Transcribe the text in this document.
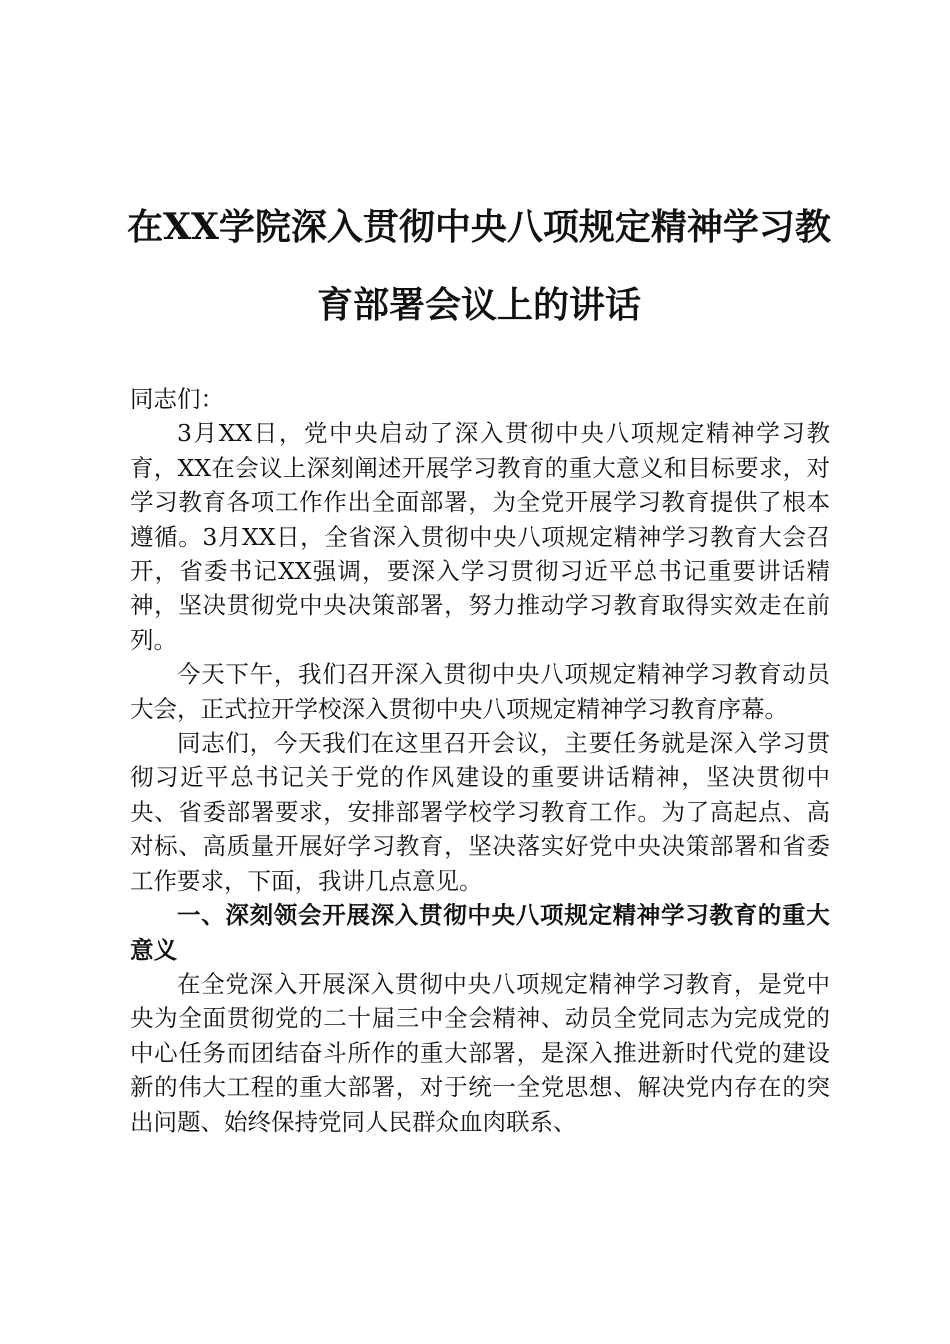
在XX学院深入贯彻中央八项规定精神学习教
育部署会议上的讲话

同志们：

3月XX日，党中央启动了深入贯彻中央八项规定精神学习教育，XX在会议上深刻阐述开展学习教育的重大意义和目标要求，对学习教育各项工作作出全面部署，为全党开展学习教育提供了根本遵循。3月XX日，全省深入贯彻中央八项规定精神学习教育大会召开，省委书记XX强调，要深入学习贯彻习近平总书记重要讲话精神，坚决贯彻党中央决策部署，努力推动学习教育取得实效走在前列。

今天下午，我们召开深入贯彻中央八项规定精神学习教育动员大会，正式拉开学校深入贯彻中央八项规定精神学习教育序幕。

同志们，今天我们在这里召开会议，主要任务就是深入学习贯彻习近平总书记关于党的作风建设的重要讲话精神，坚决贯彻中央、省委部署要求，安排部署学校学习教育工作。为了高起点、高对标、高质量开展好学习教育，坚决落实好党中央决策部署和省委工作要求，下面，我讲几点意见。

一、深刻领会开展深入贯彻中央八项规定精神学习教育的重大意义

在全党深入开展深入贯彻中央八项规定精神学习教育，是党中央为全面贯彻党的二十届三中全会精神、动员全党同志为完成党的中心任务而团结奋斗所作的重大部署，是深入推进新时代党的建设新的伟大工程的重大部署，对于统一全党思想、解决党内存在的突出问题、始终保持党同人民群众血肉联系、
